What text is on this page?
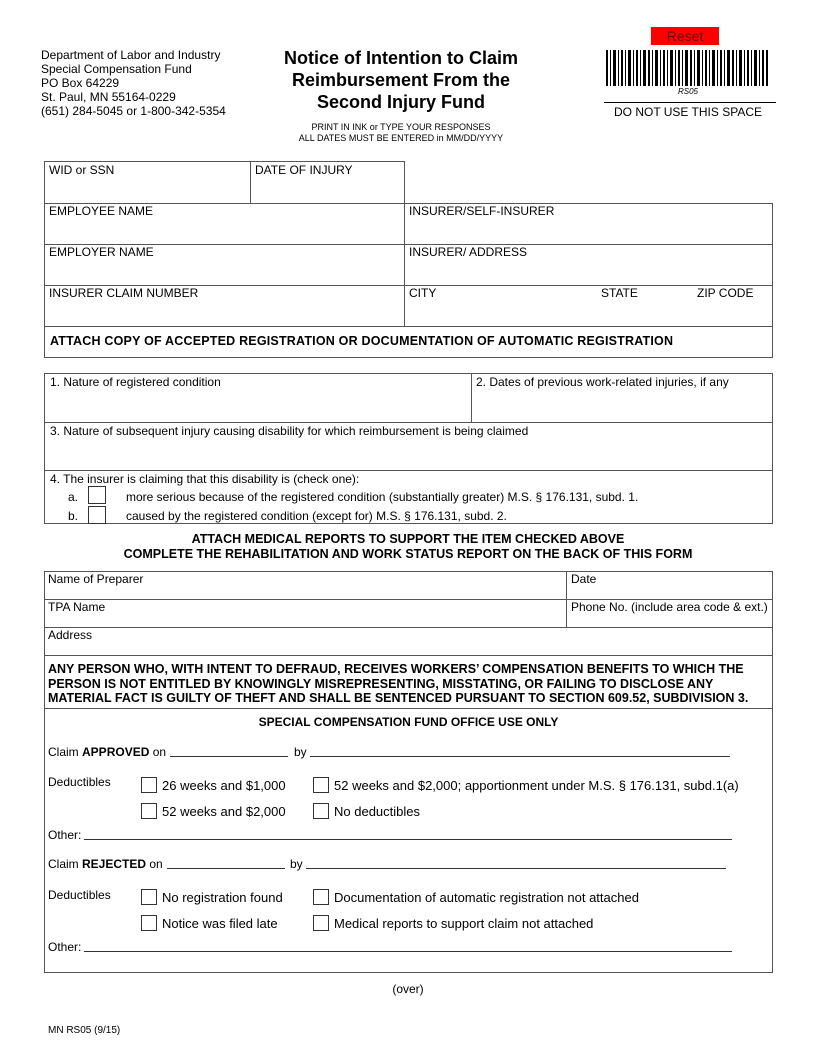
Department of Labor and Industry
Special Compensation Fund
PO Box 64229
St. Paul, MN 55164-0229
(651) 284-5045 or 1-800-342-5354
Notice of Intention to Claim
Reimbursement From the
Second Injury Fund
PRINT IN INK or TYPE YOUR RESPONSES
ALL DATES MUST BE ENTERED in MM/DD/YYYY
Reset
RS05
DO NOT USE THIS SPACE
WID or SSN	DATE OF INJURY
EMPLOYEE NAME	INSURER/SELF-INSURER
EMPLOYER NAME	INSURER/ ADDRESS
INSURER CLAIM NUMBER	CITY	STATE	ZIP CODE
ATTACH COPY OF ACCEPTED REGISTRATION OR DOCUMENTATION OF AUTOMATIC REGISTRATION
1. Nature of registered condition	2. Dates of previous work-related injuries, if any
3. Nature of subsequent injury causing disability for which reimbursement is being claimed
4. The insurer is claiming that this disability is (check one):
a.	more serious because of the registered condition (substantially greater) M.S. § 176.131, subd. 1.
b.	caused by the registered condition (except for) M.S. § 176.131, subd. 2.
ATTACH MEDICAL REPORTS TO SUPPORT THE ITEM CHECKED ABOVE
COMPLETE THE REHABILITATION AND WORK STATUS REPORT ON THE BACK OF THIS FORM
Name of Preparer	Date
TPA Name	Phone No. (include area code & ext.)
Address
ANY PERSON WHO, WITH INTENT TO DEFRAUD, RECEIVES WORKERS’ COMPENSATION BENEFITS TO WHICH THE
PERSON IS NOT ENTITLED BY KNOWINGLY MISREPRESENTING, MISSTATING, OR FAILING TO DISCLOSE ANY
MATERIAL FACT IS GUILTY OF THEFT AND SHALL BE SENTENCED PURSUANT TO SECTION 609.52, SUBDIVISION 3.
SPECIAL COMPENSATION FUND OFFICE USE ONLY
Claim APPROVED on	by
Deductibles	26 weeks and $1,000	52 weeks and $2,000; apportionment under M.S. § 176.131, subd.1(a)
52 weeks and $2,000	No deductibles
Other:
Claim REJECTED on	by
Deductibles	No registration found	Documentation of automatic registration not attached
Notice was filed late	Medical reports to support claim not attached
Other:
(over)
MN RS05 (9/15)
